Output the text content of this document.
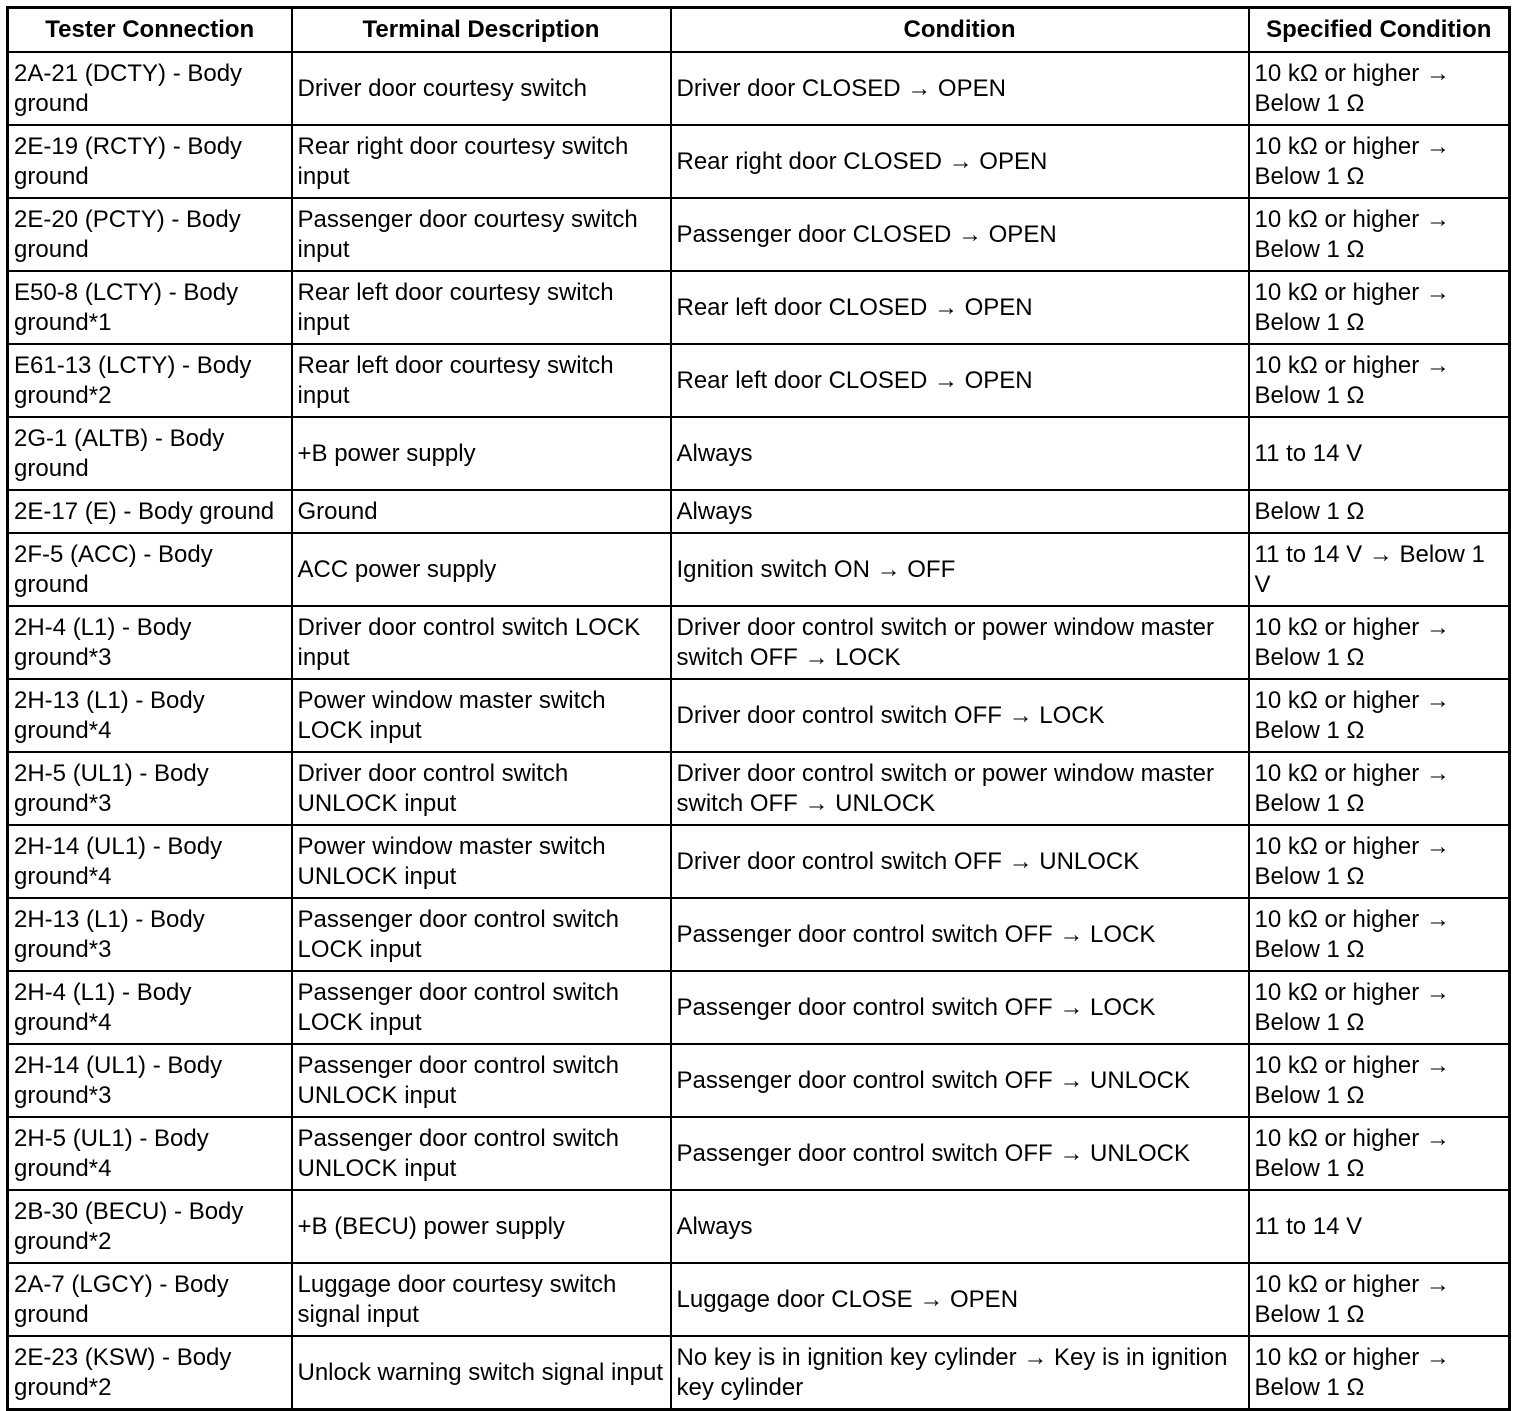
Tester Connection	Terminal Description	Condition	Specified Condition
2A-21 (DCTY) - Body ground	Driver door courtesy switch	Driver door CLOSED → OPEN	10 kΩ or higher → Below 1 Ω
2E-19 (RCTY) - Body ground	Rear right door courtesy switch input	Rear right door CLOSED → OPEN	10 kΩ or higher → Below 1 Ω
2E-20 (PCTY) - Body ground	Passenger door courtesy switch input	Passenger door CLOSED → OPEN	10 kΩ or higher → Below 1 Ω
E50-8 (LCTY) - Body ground*1	Rear left door courtesy switch input	Rear left door CLOSED → OPEN	10 kΩ or higher → Below 1 Ω
E61-13 (LCTY) - Body ground*2	Rear left door courtesy switch input	Rear left door CLOSED → OPEN	10 kΩ or higher → Below 1 Ω
2G-1 (ALTB) - Body ground	+B power supply	Always	11 to 14 V
2E-17 (E) - Body ground	Ground	Always	Below 1 Ω
2F-5 (ACC) - Body ground	ACC power supply	Ignition switch ON → OFF	11 to 14 V → Below 1 V
2H-4 (L1) - Body ground*3	Driver door control switch LOCK input	Driver door control switch or power window master switch OFF → LOCK	10 kΩ or higher → Below 1 Ω
2H-13 (L1) - Body ground*4	Power window master switch LOCK input	Driver door control switch OFF → LOCK	10 kΩ or higher → Below 1 Ω
2H-5 (UL1) - Body ground*3	Driver door control switch UNLOCK input	Driver door control switch or power window master switch OFF → UNLOCK	10 kΩ or higher → Below 1 Ω
2H-14 (UL1) - Body ground*4	Power window master switch UNLOCK input	Driver door control switch OFF → UNLOCK	10 kΩ or higher → Below 1 Ω
2H-13 (L1) - Body ground*3	Passenger door control switch LOCK input	Passenger door control switch OFF → LOCK	10 kΩ or higher → Below 1 Ω
2H-4 (L1) - Body ground*4	Passenger door control switch LOCK input	Passenger door control switch OFF → LOCK	10 kΩ or higher → Below 1 Ω
2H-14 (UL1) - Body ground*3	Passenger door control switch UNLOCK input	Passenger door control switch OFF → UNLOCK	10 kΩ or higher → Below 1 Ω
2H-5 (UL1) - Body ground*4	Passenger door control switch UNLOCK input	Passenger door control switch OFF → UNLOCK	10 kΩ or higher → Below 1 Ω
2B-30 (BECU) - Body ground*2	+B (BECU) power supply	Always	11 to 14 V
2A-7 (LGCY) - Body ground	Luggage door courtesy switch signal input	Luggage door CLOSE → OPEN	10 kΩ or higher → Below 1 Ω
2E-23 (KSW) - Body ground*2	Unlock warning switch signal input	No key is in ignition key cylinder → Key is in ignition key cylinder	10 kΩ or higher → Below 1 Ω
